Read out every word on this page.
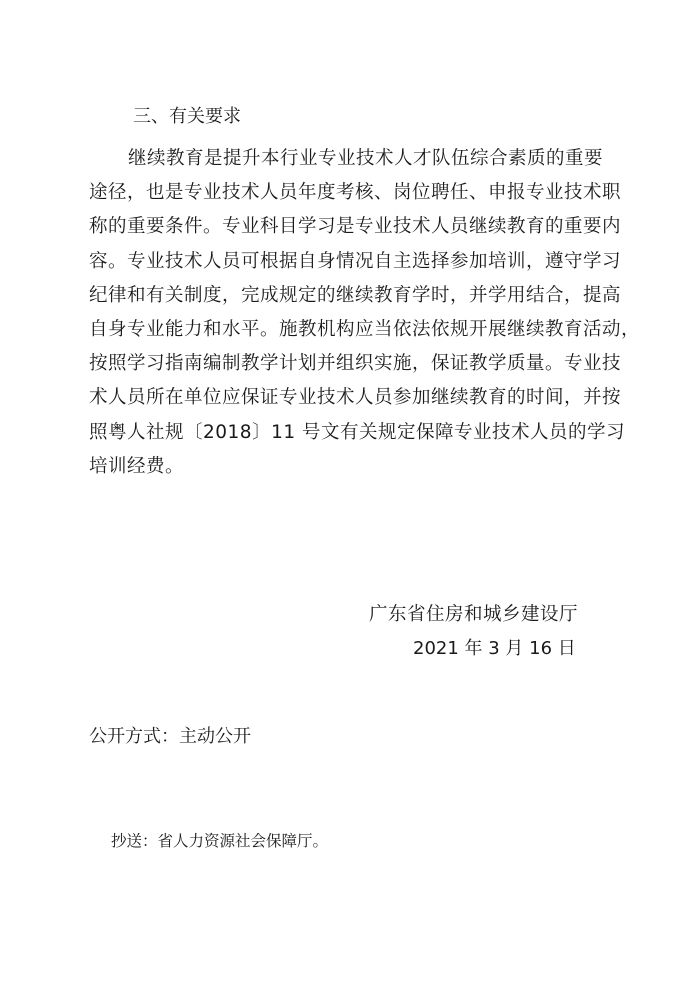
三、有关要求
继续教育是提升本行业专业技术人才队伍综合素质的重要
途径，也是专业技术人员年度考核、岗位聘任、申报专业技术职
称的重要条件。专业科目学习是专业技术人员继续教育的重要内
容。专业技术人员可根据自身情况自主选择参加培训，遵守学习
纪律和有关制度，完成规定的继续教育学时，并学用结合，提高
自身专业能力和水平。施教机构应当依法依规开展继续教育活动，
按照学习指南编制教学计划并组织实施，保证教学质量。专业技
术人员所在单位应保证专业技术人员参加继续教育的时间，并按
照粤人社规〔2018〕11 号文有关规定保障专业技术人员的学习
培训经费。
广东省住房和城乡建设厅
2021 年 3 月 16 日
公开方式：主动公开
抄送：省人力资源社会保障厅。
